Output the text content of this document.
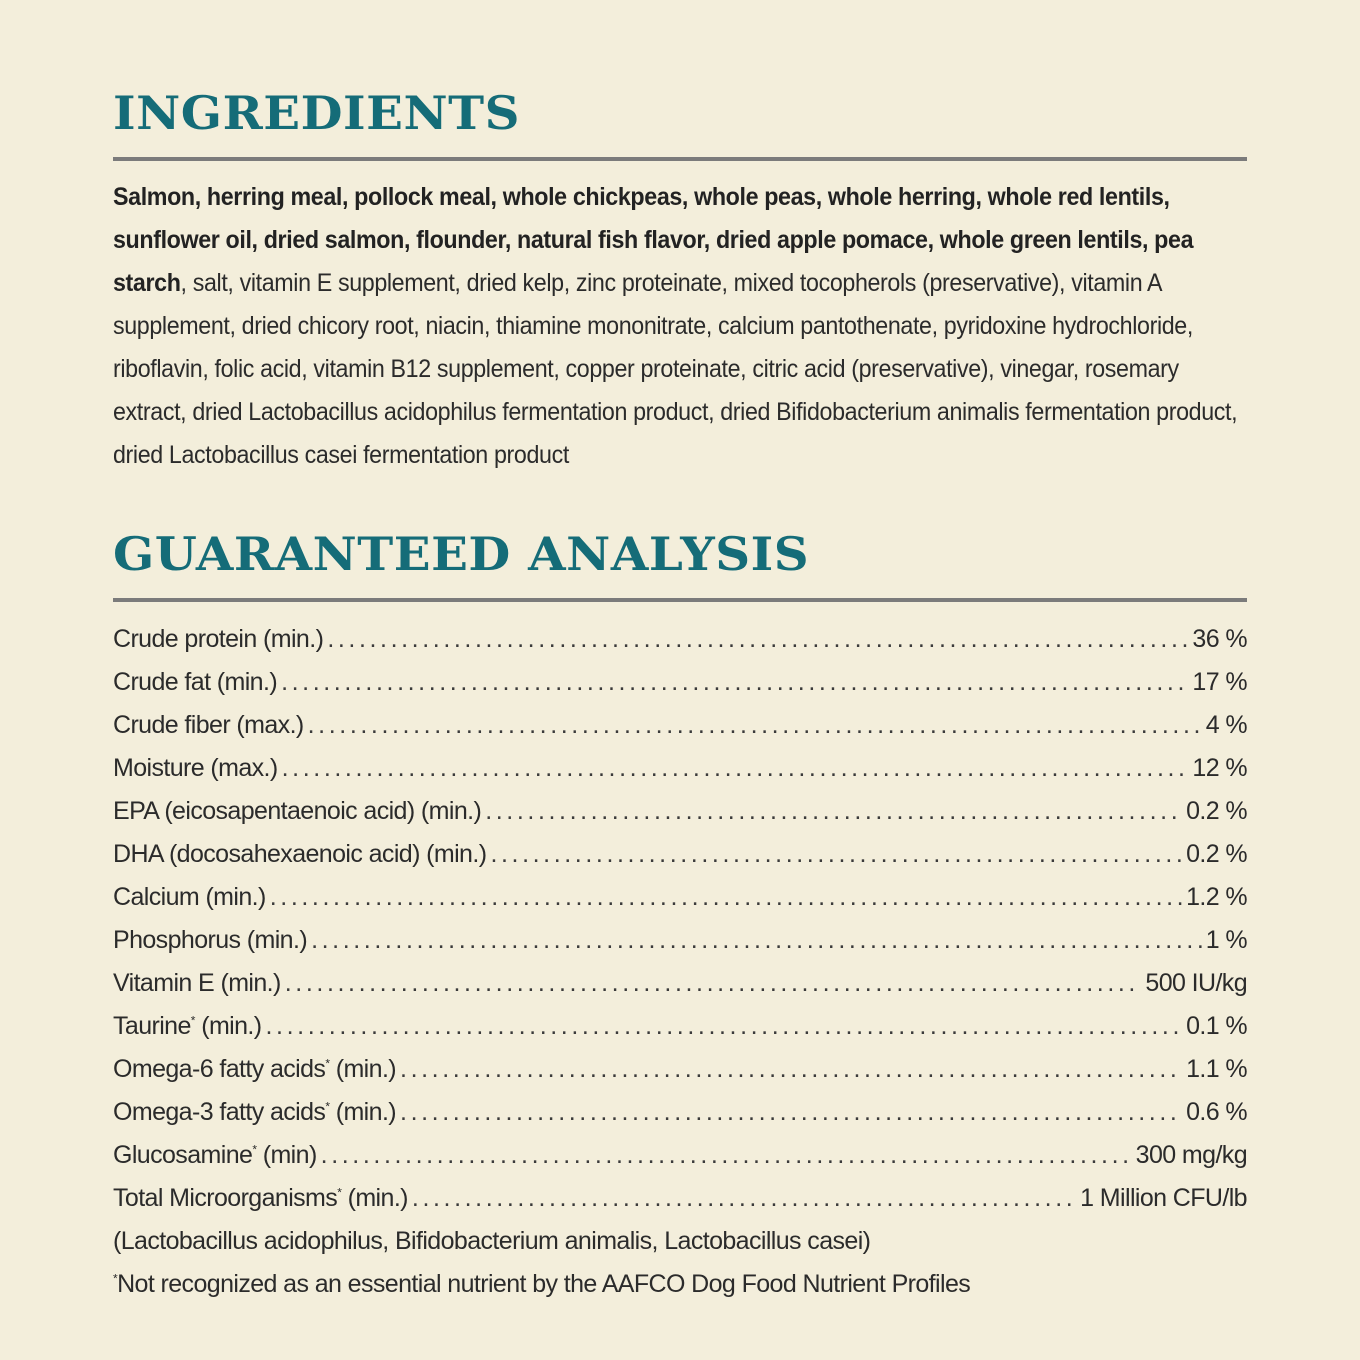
INGREDIENTS

Salmon, herring meal, pollock meal, whole chickpeas, whole peas, whole herring, whole red lentils, sunflower oil, dried salmon, flounder, natural fish flavor, dried apple pomace, whole green lentils, pea starch, salt, vitamin E supplement, dried kelp, zinc proteinate, mixed tocopherols (preservative), vitamin A supplement, dried chicory root, niacin, thiamine mononitrate, calcium pantothenate, pyridoxine hydrochloride, riboflavin, folic acid, vitamin B12 supplement, copper proteinate, citric acid (preservative), vinegar, rosemary extract, dried Lactobacillus acidophilus fermentation product, dried Bifidobacterium animalis fermentation product, dried Lactobacillus casei fermentation product

GUARANTEED ANALYSIS
Crude protein (min.) .....	36 %
Crude fat (min.) .....	17 %
Crude fiber (max.) .....	4 %
Moisture (max.) .....	12 %
EPA (eicosapentaenoic acid) (min.) .....	0.2 %
DHA (docosahexaenoic acid) (min.) .....	0.2 %
Calcium (min.) .....	1.2 %
Phosphorus (min.) .....	1 %
Vitamin E (min.) .....	500 IU/kg
Taurine* (min.) .....	0.1 %
Omega-6 fatty acids* (min.) .....	1.1 %
Omega-3 fatty acids* (min.) .....	0.6 %
Glucosamine* (min) .....	300 mg/kg
Total Microorganisms* (min.) .....	1 Million CFU/lb
(Lactobacillus acidophilus, Bifidobacterium animalis, Lactobacillus casei)
*Not recognized as an essential nutrient by the AAFCO Dog Food Nutrient Profiles
